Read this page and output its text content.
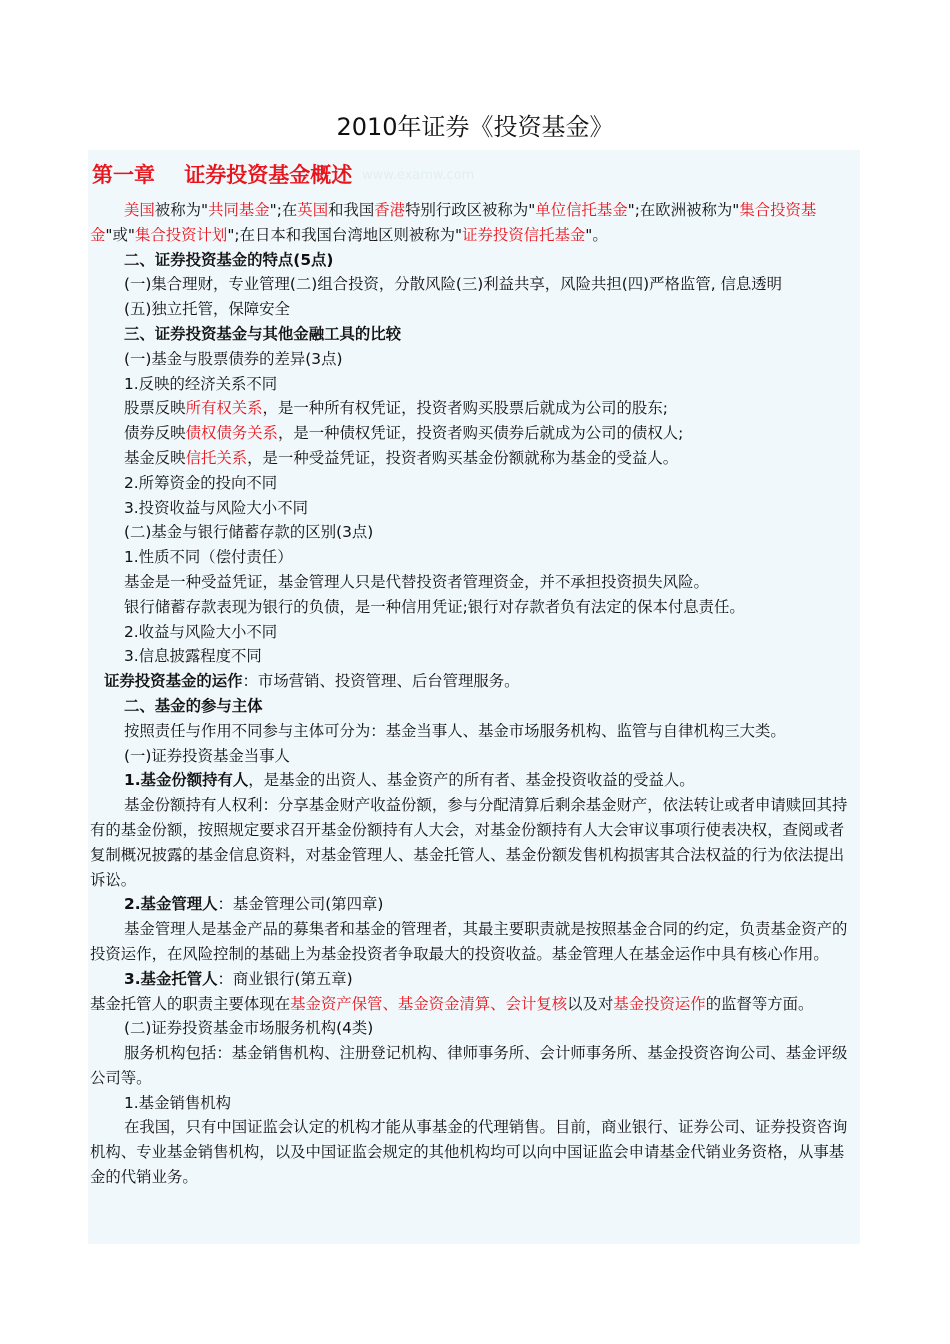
2010年证券《投资基金》
第一章    证券投资基金概述 www.examw.com

美国被称为"共同基金";在英国和我国香港特别行政区被称为"单位信托基金";在欧洲被称为"集合投资基金"或"集合投资计划";在日本和我国台湾地区则被称为"证券投资信托基金"。

二、证券投资基金的特点(5点)

(一)集合理财，专业管理(二)组合投资，分散风险(三)利益共享，风险共担(四)严格监管, 信息透明

(五)独立托管，保障安全

三、证券投资基金与其他金融工具的比较

(一)基金与股票债券的差异(3点)

1.反映的经济关系不同

股票反映所有权关系，是一种所有权凭证，投资者购买股票后就成为公司的股东;

债券反映债权债务关系，是一种债权凭证，投资者购买债券后就成为公司的债权人;

基金反映信托关系，是一种受益凭证，投资者购买基金份额就称为基金的受益人。

2.所筹资金的投向不同

3.投资收益与风险大小不同

(二)基金与银行储蓄存款的区别(3点)

1.性质不同（偿付责任）

基金是一种受益凭证，基金管理人只是代替投资者管理资金，并不承担投资损失风险。

银行储蓄存款表现为银行的负债，是一种信用凭证;银行对存款者负有法定的保本付息责任。

2.收益与风险大小不同

3.信息披露程度不同

证券投资基金的运作：市场营销、投资管理、后台管理服务。

二、基金的参与主体

按照责任与作用不同参与主体可分为：基金当事人、基金市场服务机构、监管与自律机构三大类。

(一)证券投资基金当事人

1.基金份额持有人，是基金的出资人、基金资产的所有者、基金投资收益的受益人。

基金份额持有人权利：分享基金财产收益份额，参与分配清算后剩余基金财产，依法转让或者申请赎回其持有的基金份额，按照规定要求召开基金份额持有人大会，对基金份额持有人大会审议事项行使表决权，查阅或者复制概况披露的基金信息资料，对基金管理人、基金托管人、基金份额发售机构损害其合法权益的行为依法提出诉讼。

2.基金管理人：基金管理公司(第四章)

基金管理人是基金产品的募集者和基金的管理者，其最主要职责就是按照基金合同的约定，负责基金资产的投资运作，在风险控制的基础上为基金投资者争取最大的投资收益。基金管理人在基金运作中具有核心作用。

3.基金托管人：商业银行(第五章)

基金托管人的职责主要体现在基金资产保管、基金资金清算、会计复核以及对基金投资运作的监督等方面。

(二)证券投资基金市场服务机构(4类)

服务机构包括：基金销售机构、注册登记机构、律师事务所、会计师事务所、基金投资咨询公司、基金评级公司等。

1.基金销售机构

在我国，只有中国证监会认定的机构才能从事基金的代理销售。目前，商业银行、证券公司、证券投资咨询机构、专业基金销售机构，以及中国证监会规定的其他机构均可以向中国证监会申请基金代销业务资格，从事基金的代销业务。
